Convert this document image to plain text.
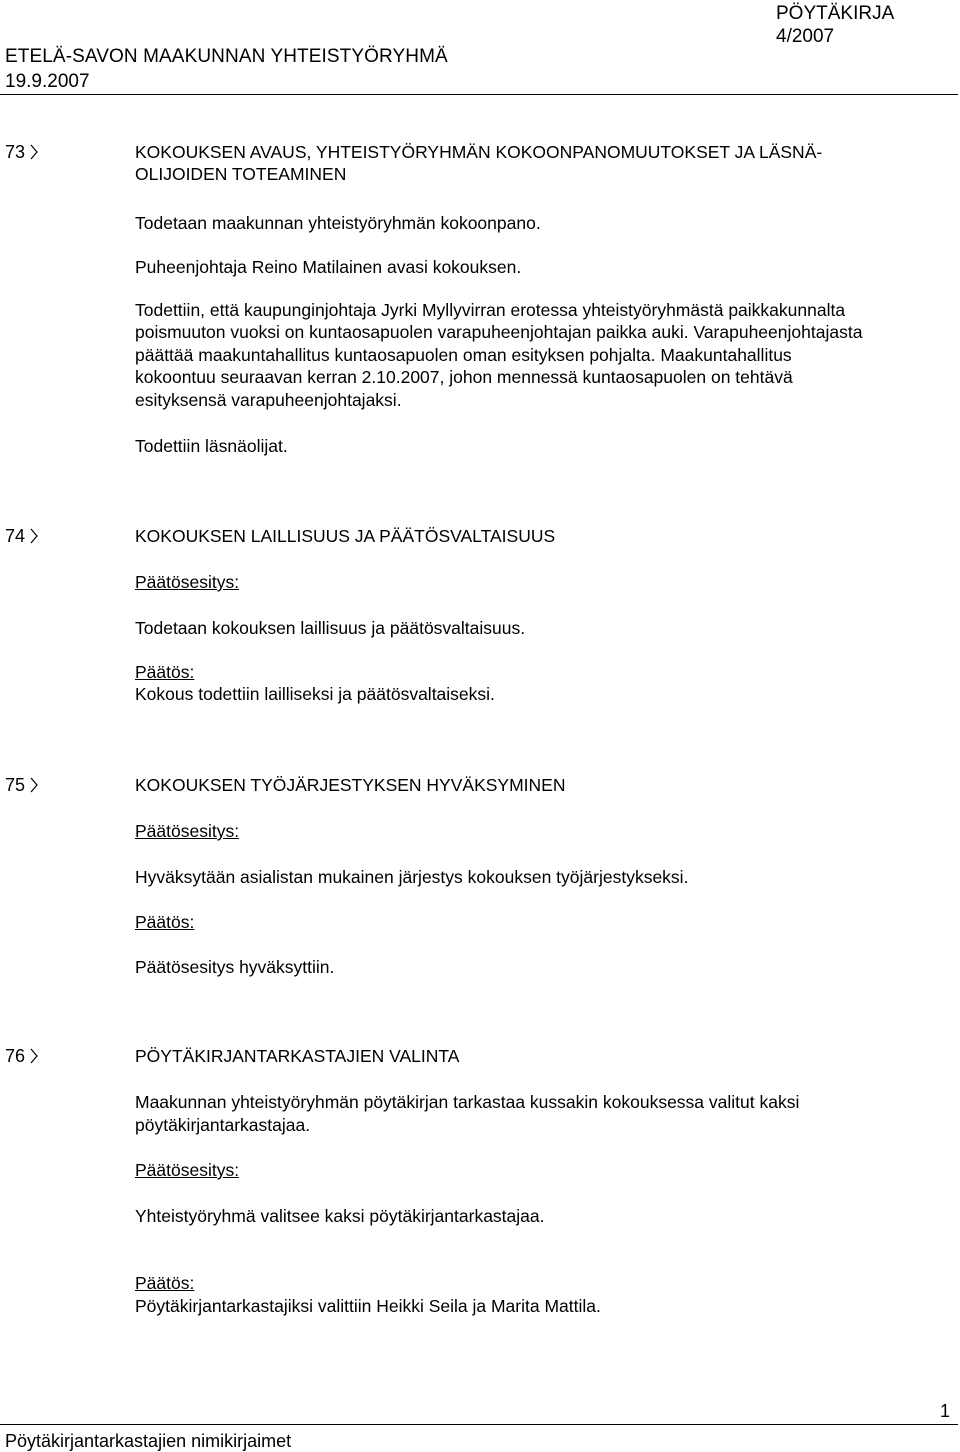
PÖYTÄKIRJA
4/2007
ETELÄ-SAVON MAAKUNNAN YHTEISTYÖRYHMÄ
19.9.2007
73	KOKOUKSEN AVAUS, YHTEISTYÖRYHMÄN KOKOONPANOMUUTOKSET JA LÄSNÄ-
OLIJOIDEN TOTEAMINEN
Todetaan maakunnan yhteistyöryhmän kokoonpano.
Puheenjohtaja Reino Matilainen avasi kokouksen.
Todettiin, että kaupunginjohtaja Jyrki Myllyvirran erotessa yhteistyöryhmästä paikkakunnalta
poismuuton vuoksi on kuntaosapuolen varapuheenjohtajan paikka auki. Varapuheenjohtajasta
päättää maakuntahallitus kuntaosapuolen oman esityksen pohjalta. Maakuntahallitus
kokoontuu seuraavan kerran 2.10.2007, johon mennessä kuntaosapuolen on tehtävä
esityksensä varapuheenjohtajaksi.
Todettiin läsnäolijat.
74	KOKOUKSEN LAILLISUUS JA PÄÄTÖSVALTAISUUS
Päätösesitys:
Todetaan kokouksen laillisuus ja päätösvaltaisuus.
Päätös:
Kokous todettiin lailliseksi ja päätösvaltaiseksi.
75	KOKOUKSEN TYÖJÄRJESTYKSEN HYVÄKSYMINEN
Päätösesitys:
Hyväksytään asialistan mukainen järjestys kokouksen työjärjestykseksi.
Päätös:
Päätösesitys hyväksyttiin.
76	PÖYTÄKIRJANTARKASTAJIEN VALINTA
Maakunnan yhteistyöryhmän pöytäkirjan tarkastaa kussakin kokouksessa valitut kaksi
pöytäkirjantarkastajaa.
Päätösesitys:
Yhteistyöryhmä valitsee kaksi pöytäkirjantarkastajaa.
Päätös:
Pöytäkirjantarkastajiksi valittiin Heikki Seila ja Marita Mattila.
1
Pöytäkirjantarkastajien nimikirjaimet
